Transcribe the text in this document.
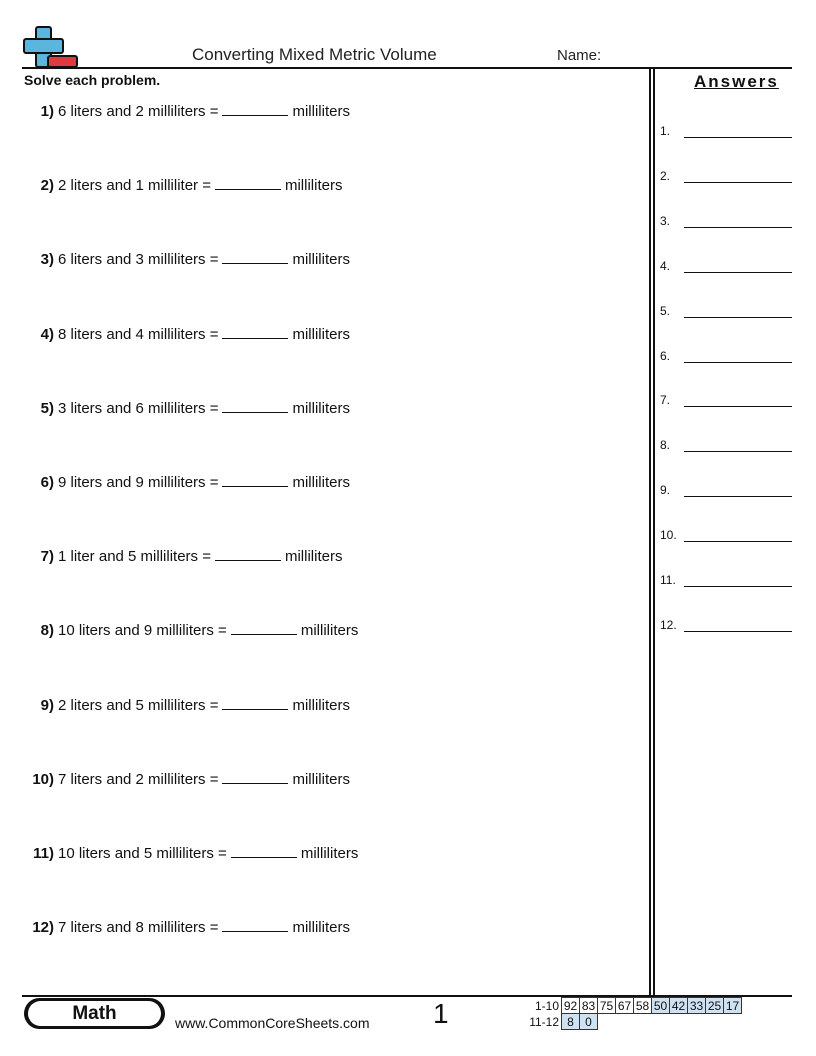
Converting Mixed Metric Volume	Name:
Solve each problem.
1) 6 liters and 2 milliliters =	milliliters
2) 2 liters and 1 milliliter =	milliliters
3) 6 liters and 3 milliliters =	milliliters
4) 8 liters and 4 milliliters =	milliliters
5) 3 liters and 6 milliliters =	milliliters
6) 9 liters and 9 milliliters =	milliliters
7) 1 liter and 5 milliliters =	milliliters
8) 10 liters and 9 milliliters =	milliliters
9) 2 liters and 5 milliliters =	milliliters
10) 7 liters and 2 milliliters =	milliliters
11) 10 liters and 5 milliliters =	milliliters
12) 7 liters and 8 milliliters =	milliliters
Answers
1.
2.
3.
4.
5.
6.
7.
8.
9.
10.
11.
12.
Math	www.CommonCoreSheets.com 1	1-10	92	83	75	67	58	50	42	33	25	17
11-12	8	0								
